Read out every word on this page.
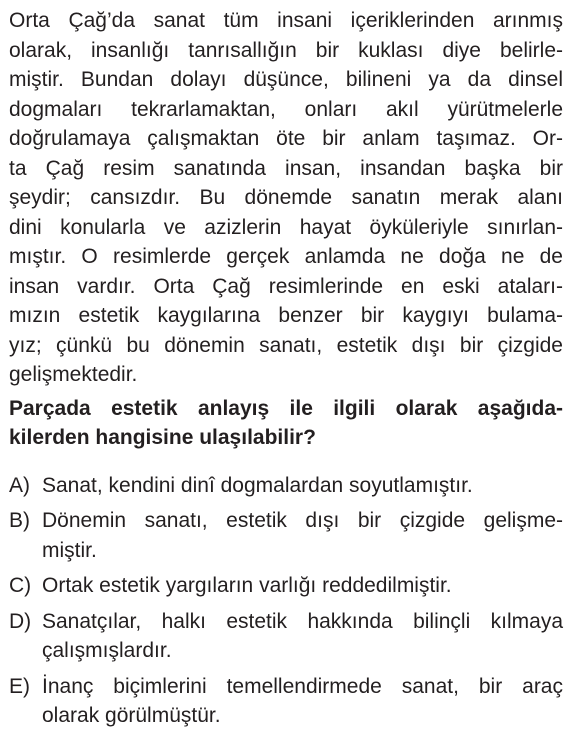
Orta Çağ’da sanat tüm insani içeriklerinden arınmış
olarak, insanlığı tanrısallığın bir kuklası diye belirle-
miştir. Bundan dolayı düşünce, bilineni ya da dinsel
dogmaları tekrarlamaktan, onları akıl yürütmelerle
doğrulamaya çalışmaktan öte bir anlam taşımaz. Or-
ta Çağ resim sanatında insan, insandan başka bir
şeydir; cansızdır. Bu dönemde sanatın merak alanı
dini konularla ve azizlerin hayat öyküleriyle sınırlan-
mıştır. O resimlerde gerçek anlamda ne doğa ne de
insan vardır. Orta Çağ resimlerinde en eski ataları-
mızın estetik kaygılarına benzer bir kaygıyı bulama-
yız; çünkü bu dönemin sanatı, estetik dışı bir çizgide
gelişmektedir.
Parçada estetik anlayış ile ilgili olarak aşağıda-
kilerden hangisine ulaşılabilir?
A) Sanat, kendini dinî dogmalardan soyutlamıştır.
B) Dönemin sanatı, estetik dışı bir çizgide gelişme-
miştir.
C) Ortak estetik yargıların varlığı reddedilmiştir.
D) Sanatçılar, halkı estetik hakkında bilinçli kılmaya
çalışmışlardır.
E) İnanç biçimlerini temellendirmede sanat, bir araç
olarak görülmüştür.
